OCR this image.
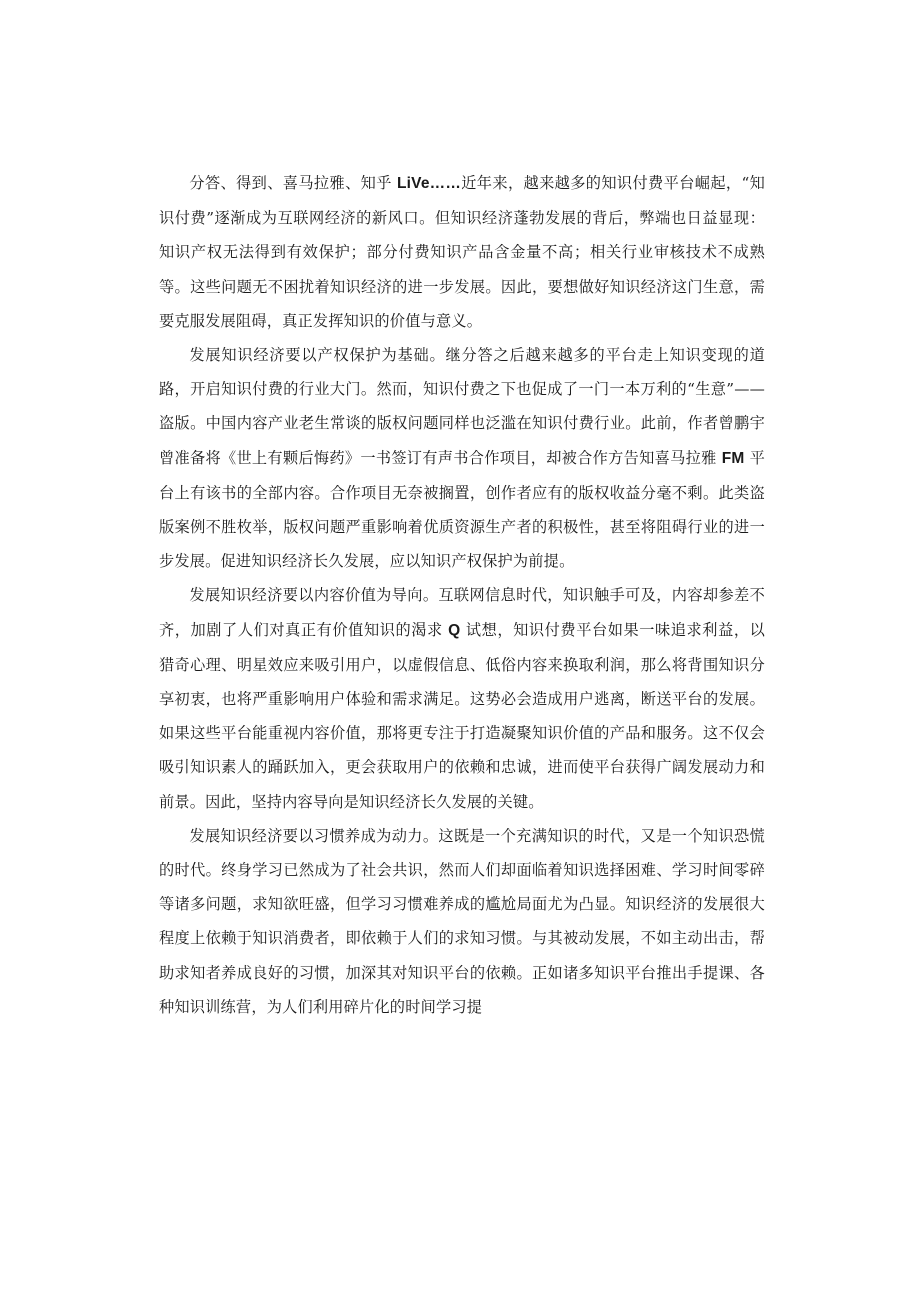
分答、得到、喜马拉雅、知乎 LiVe……近年来，越来越多的知识付费平台崛起，“知识付费”逐渐成为互联网经济的新风口。但知识经济蓬勃发展的背后，弊端也日益显现：知识产权无法得到有效保护；部分付费知识产品含金量不高；相关行业审核技术不成熟等。这些问题无不困扰着知识经济的进一步发展。因此，要想做好知识经济这门生意，需要克服发展阻碍，真正发挥知识的价值与意义。

发展知识经济要以产权保护为基础。继分答之后越来越多的平台走上知识变现的道路，开启知识付费的行业大门。然而，知识付费之下也促成了一门一本万利的“生意”——盗版。中国内容产业老生常谈的版权问题同样也泛滥在知识付费行业。此前，作者曾鹏宇曾准备将《世上有颗后悔药》一书签订有声书合作项目，却被合作方告知喜马拉雅 FM 平台上有该书的全部内容。合作项目无奈被搁置，创作者应有的版权收益分毫不剩。此类盗版案例不胜枚举，版权问题严重影响着优质资源生产者的积极性，甚至将阻碍行业的进一步发展。促进知识经济长久发展，应以知识产权保护为前提。

发展知识经济要以内容价值为导向。互联网信息时代，知识触手可及，内容却参差不齐，加剧了人们对真正有价值知识的渴求 Q 试想，知识付费平台如果一味追求利益，以猎奇心理、明星效应来吸引用户，以虚假信息、低俗内容来换取利润，那么将背围知识分享初衷，也将严重影响用户体验和需求满足。这势必会造成用户逃离，断送平台的发展。如果这些平台能重视内容价值，那将更专注于打造凝聚知识价值的产品和服务。这不仅会吸引知识素人的踊跃加入，更会获取用户的依赖和忠诚，进而使平台获得广阔发展动力和前景。因此，坚持内容导向是知识经济长久发展的关键。

发展知识经济要以习惯养成为动力。这既是一个充满知识的时代，又是一个知识恐慌的时代。终身学习已然成为了社会共识，然而人们却面临着知识选择困难、学习时间零碎等诸多问题，求知欲旺盛，但学习习惯难养成的尴尬局面尤为凸显。知识经济的发展很大程度上依赖于知识消费者，即依赖于人们的求知习惯。与其被动发展，不如主动出击，帮助求知者养成良好的习惯，加深其对知识平台的依赖。正如诸多知识平台推出手提课、各种知识训练营，为人们利用碎片化的时间学习提
